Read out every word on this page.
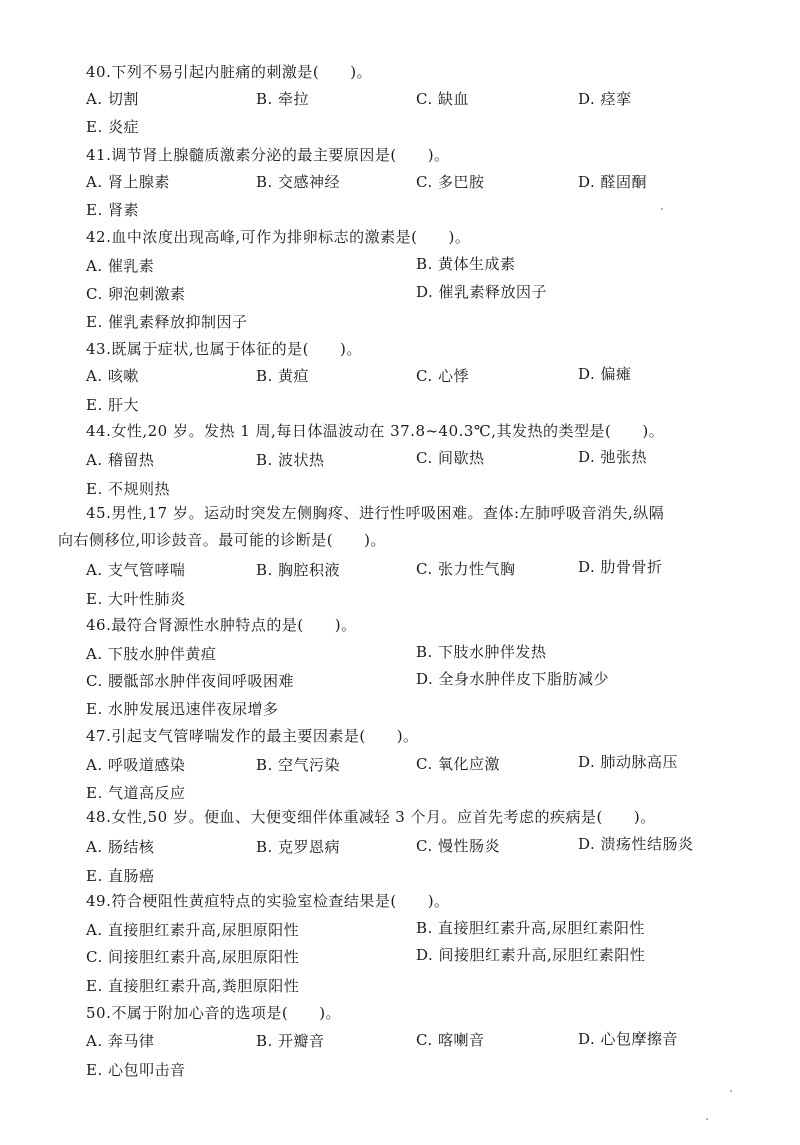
40.下列不易引起内脏痛的刺激是(　　)。
A. 切割	B. 牵拉	C. 缺血	D. 痉挛
E. 炎症
41.调节肾上腺髓质激素分泌的最主要原因是(　　)。
A. 肾上腺素	B. 交感神经	C. 多巴胺	D. 醛固酮
E. 肾素
42.血中浓度出现高峰,可作为排卵标志的激素是(　　)。
A. 催乳素	B. 黄体生成素
C. 卵泡刺激素	D. 催乳素释放因子
E. 催乳素释放抑制因子
43.既属于症状,也属于体征的是(　　)。
A. 咳嗽	B. 黄疸	C. 心悸	D. 偏瘫
E. 肝大
44.女性,20 岁。发热 1 周,每日体温波动在 37.8~40.3℃,其发热的类型是(　　)。
A. 稽留热	B. 波状热	C. 间歇热	D. 弛张热
E. 不规则热
45.男性,17 岁。运动时突发左侧胸疼、进行性呼吸困难。查体:左肺呼吸音消失,纵隔
向右侧移位,叩诊鼓音。最可能的诊断是(　　)。
A. 支气管哮喘	B. 胸腔积液	C. 张力性气胸	D. 肋骨骨折
E. 大叶性肺炎
46.最符合肾源性水肿特点的是(　　)。
A. 下肢水肿伴黄疸	B. 下肢水肿伴发热
C. 腰骶部水肿伴夜间呼吸困难	D. 全身水肿伴皮下脂肪减少
E. 水肿发展迅速伴夜尿增多
47.引起支气管哮喘发作的最主要因素是(　　)。
A. 呼吸道感染	B. 空气污染	C. 氧化应激	D. 肺动脉高压
E. 气道高反应
48.女性,50 岁。便血、大便变细伴体重减轻 3 个月。应首先考虑的疾病是(　　)。
A. 肠结核	B. 克罗恩病	C. 慢性肠炎	D. 溃疡性结肠炎
E. 直肠癌
49.符合梗阻性黄疸特点的实验室检查结果是(　　)。
A. 直接胆红素升高,尿胆原阳性	B. 直接胆红素升高,尿胆红素阳性
C. 间接胆红素升高,尿胆原阳性	D. 间接胆红素升高,尿胆红素阳性
E. 直接胆红素升高,粪胆原阳性
50.不属于附加心音的选项是(　　)。
A. 奔马律	B. 开瓣音	C. 喀喇音	D. 心包摩擦音
E. 心包叩击音
